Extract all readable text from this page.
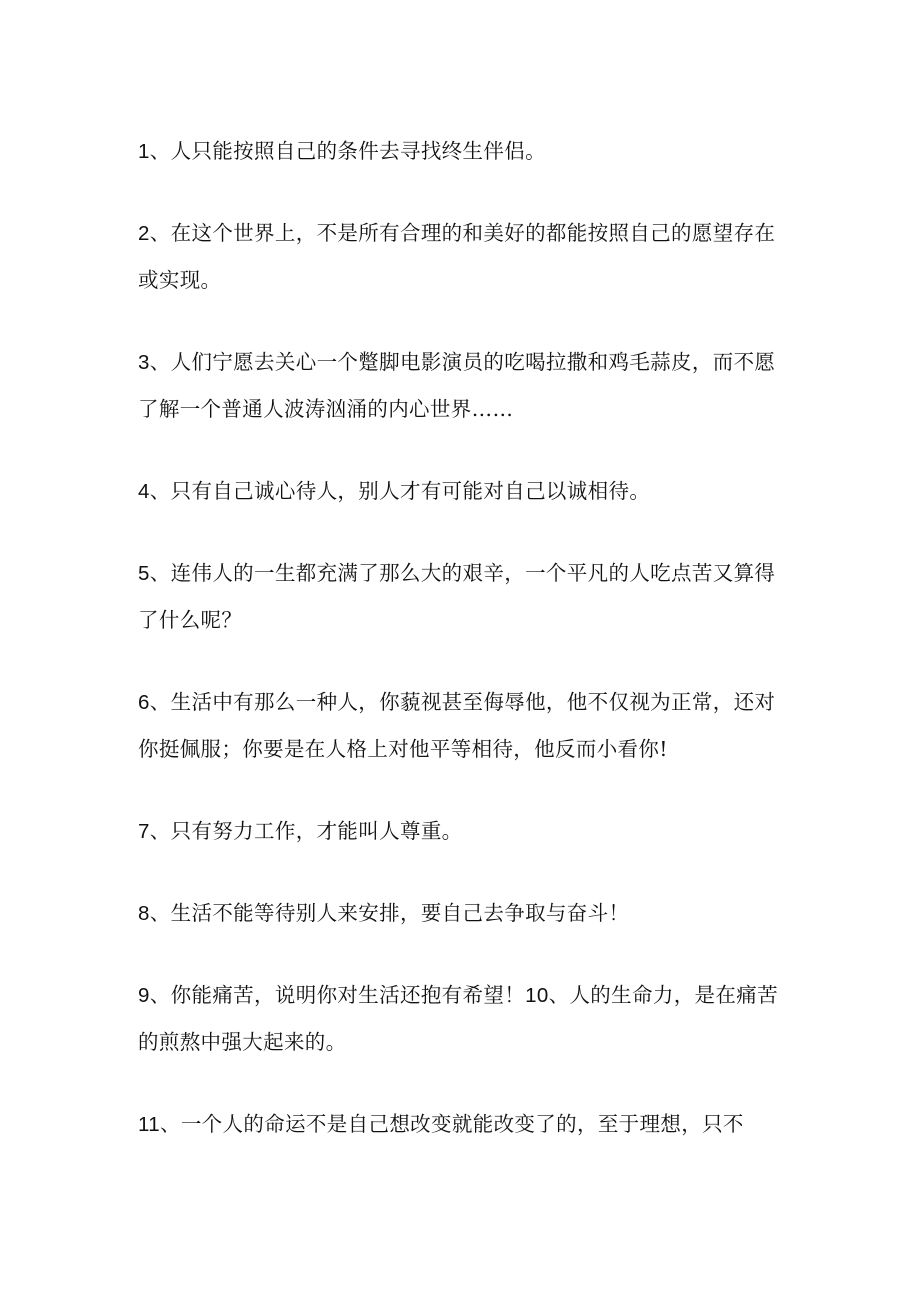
1、人只能按照自己的条件去寻找终生伴侣。
2、在这个世界上，不是所有合理的和美好的都能按照自己的愿望存在或实现。
3、人们宁愿去关心一个蹩脚电影演员的吃喝拉撒和鸡毛蒜皮，而不愿了解一个普通人波涛汹涌的内心世界……
4、只有自己诚心待人，别人才有可能对自己以诚相待。
5、连伟人的一生都充满了那么大的艰辛，一个平凡的人吃点苦又算得了什么呢？
6、生活中有那么一种人，你藐视甚至侮辱他，他不仅视为正常，还对你挺佩服；你要是在人格上对他平等相待，他反而小看你!
7、只有努力工作，才能叫人尊重。
8、生活不能等待别人来安排，要自己去争取与奋斗！
9、你能痛苦，说明你对生活还抱有希望！10、人的生命力，是在痛苦的煎熬中强大起来的。
11、一个人的命运不是自己想改变就能改变了的，至于理想，只不
